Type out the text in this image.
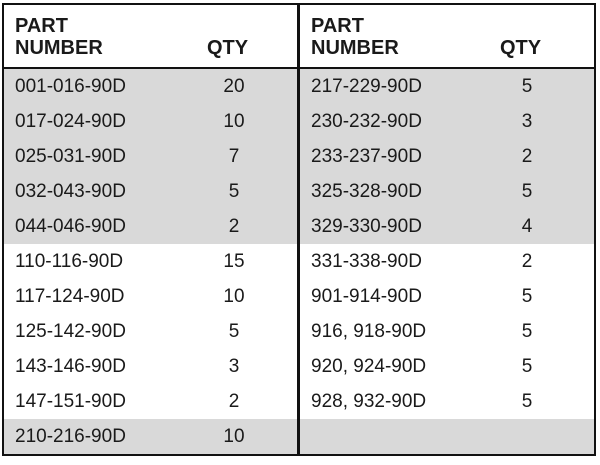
PART
NUMBER	QTY
001-016-90D	20
017-024-90D	10
025-031-90D	7
032-043-90D	5
044-046-90D	2
110-116-90D	15
117-124-90D	10
125-142-90D	5
143-146-90D	3
147-151-90D	2
210-216-90D	10
PART
NUMBER	QTY
217-229-90D	5
230-232-90D	3
233-237-90D	2
325-328-90D	5
329-330-90D	4
331-338-90D	2
901-914-90D	5
916, 918-90D	5
920, 924-90D	5
928, 932-90D	5
